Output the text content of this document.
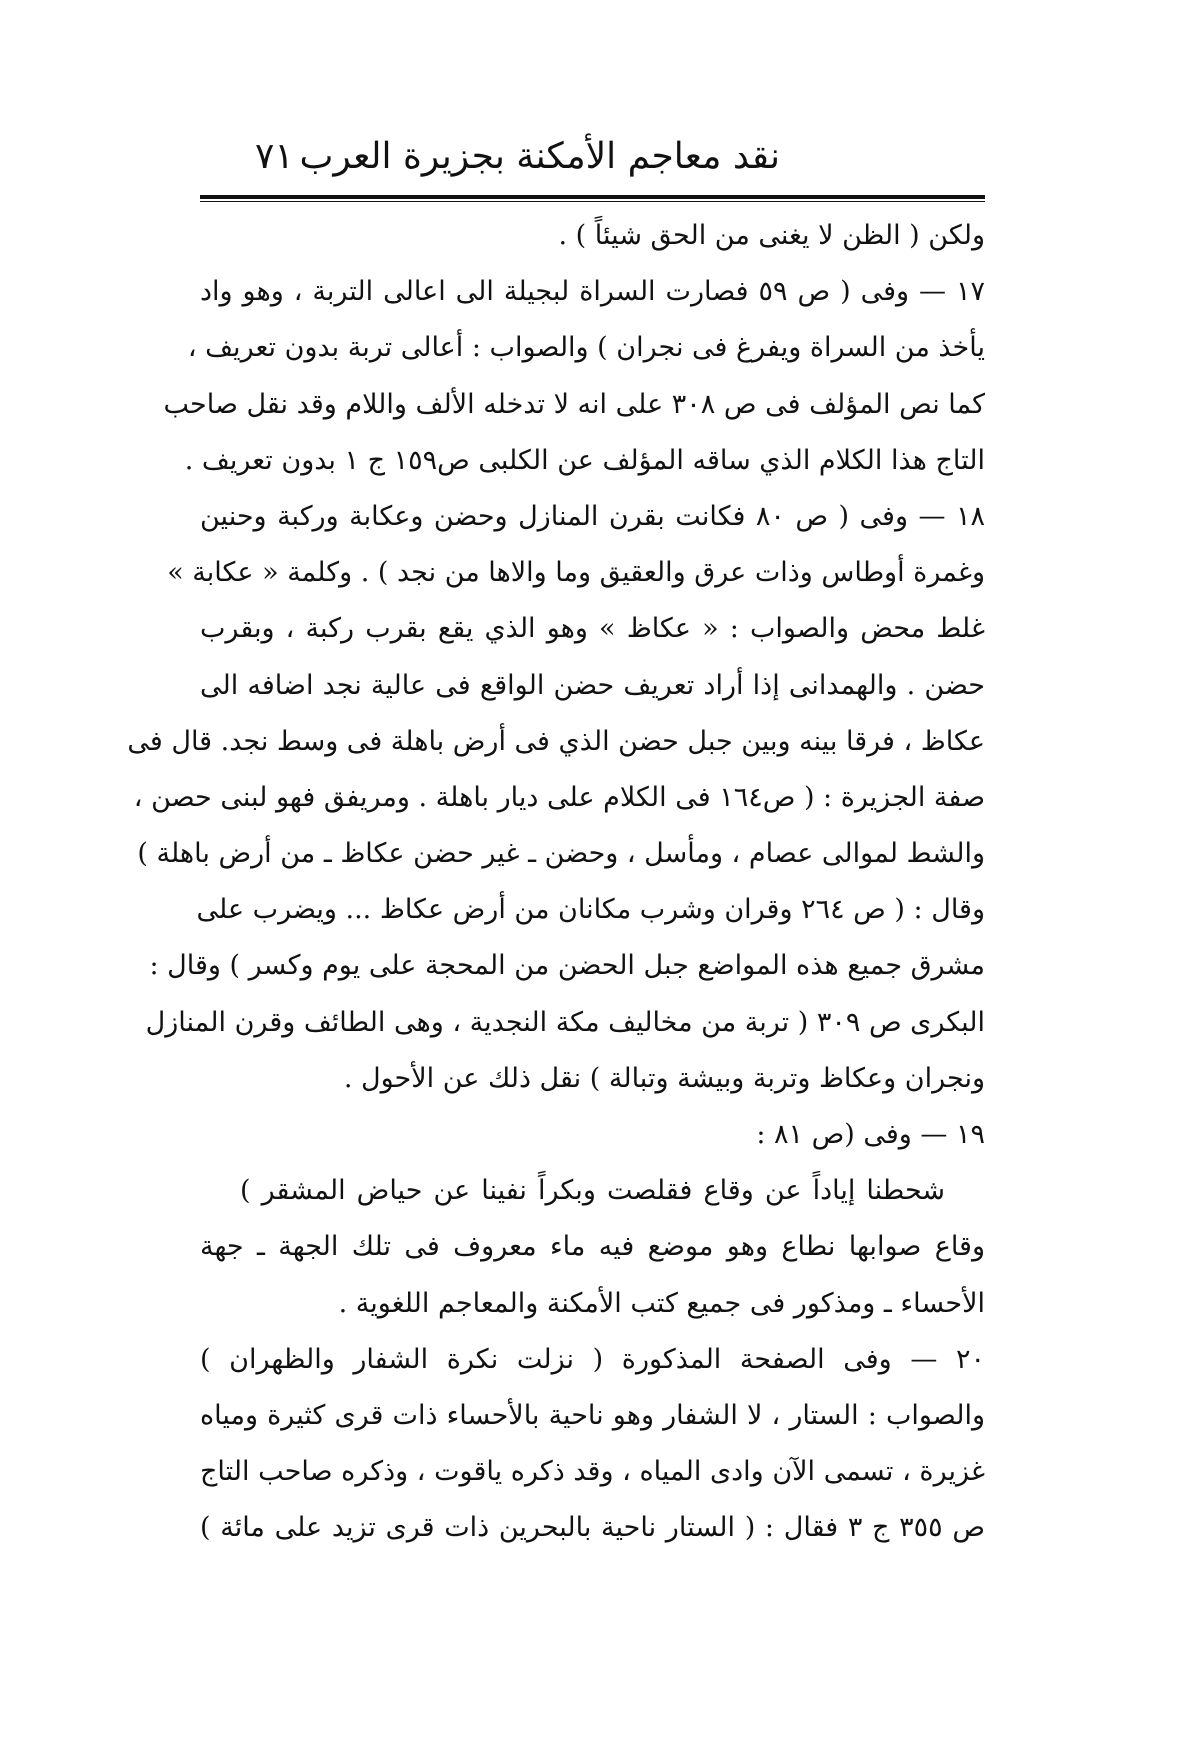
نقد معاجم الأمكنة بجزيرة العرب
٧١
ولكن ( الظن لا يغنى من الحق شيئاً ) .
١٧ — وفى ( ص ٥٩ فصارت السراة لبجيلة الى اعالى التربة ، وهو واد
يأخذ من السراة ويفرغ فى نجران ) والصواب : أعالى تربة بدون تعريف ،
كما نص المؤلف فى ص ٣٠٨ على انه لا تدخله الألف واللام وقد نقل صاحب
التاج هذا الكلام الذي ساقه المؤلف عن الكلبى ص١٥٩ ج ١ بدون تعريف .
١٨ — وفى ( ص ٨٠ فكانت بقرن المنازل وحضن وعكابة وركبة وحنين
وغمرة أوطاس وذات عرق والعقيق وما والاها من نجد ) . وكلمة « عكابة »
غلط محض والصواب : « عكاظ » وهو الذي يقع بقرب ركبة ، وبقرب
حضن . والهمدانى إذا أراد تعريف حضن الواقع فى عالية نجد اضافه الى
عكاظ ، فرقا بينه وبين جبل حضن الذي فى أرض باهلة فى وسط نجد. قال فى
صفة الجزيرة : ( ص١٦٤ فى الكلام على ديار باهلة . ومريفق فهو لبنى حصن ،
والشط لموالى عصام ، ومأسل ، وحضن ـ غير حضن عكاظ ـ من أرض باهلة )
وقال : ( ص ٢٦٤ وقران وشرب مكانان من أرض عكاظ ... ويضرب على
مشرق جميع هذه المواضع جبل الحضن من المحجة على يوم وكسر ) وقال :
البكرى ص ٣٠٩ ( تربة من مخاليف مكة النجدية ، وهى الطائف وقرن المنازل
ونجران وعكاظ وتربة وبيشة وتبالة ) نقل ذلك عن الأحول .
١٩ — وفى (ص ٨١ :
شحطنا إياداً عن وقاع فقلصت وبكراً نفينا عن حياض المشقر )
وقاع صوابها نطاع وهو موضع فيه ماء معروف فى تلك الجهة ـ جهة
الأحساء ـ ومذكور فى جميع كتب الأمكنة والمعاجم اللغوية .
٢٠ — وفى الصفحة المذكورة ( نزلت نكرة الشفار والظهران )
والصواب : الستار ، لا الشفار وهو ناحية بالأحساء ذات قرى كثيرة ومياه
غزيرة ، تسمى الآن وادى المياه ، وقد ذكره ياقوت ، وذكره صاحب التاج
ص ٣٥٥ ج ٣ فقال : ( الستار ناحية بالبحرين ذات قرى تزيد على مائة )
